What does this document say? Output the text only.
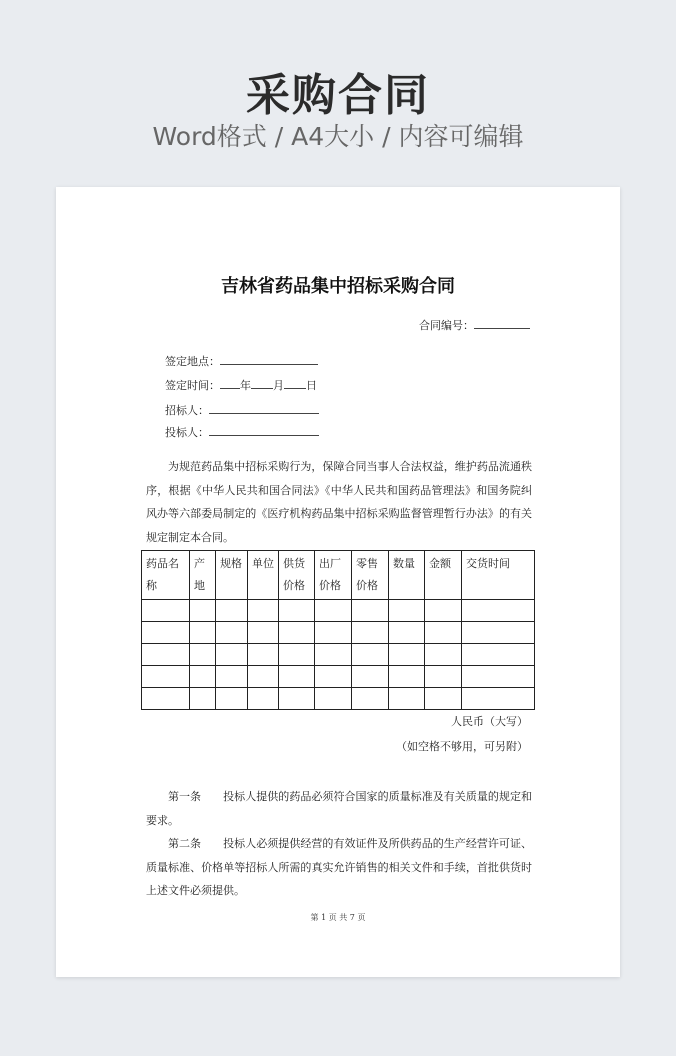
采购合同
Word格式 / A4大小 / 内容可编辑
吉林省药品集中招标采购合同
合同编号：
签定地点：
签定时间： 年 月 日
招标人：
投标人：
为规范药品集中招标采购行为，保障合同当事人合法权益，维护药品流通秩序，根据《中华人民共和国合同法》《中华人民共和国药品管理法》和国务院纠风办等六部委局制定的《医疗机构药品集中招标采购监督管理暂行办法》的有关规定制定本合同。
药品名称	产地	规格	单位	供货价格	出厂价格	零售价格	数量	金额	交货时间

人民币（大写）
（如空格不够用，可另附）
第一条　　投标人提供的药品必须符合国家的质量标准及有关质量的规定和要求。
第二条　　投标人必须提供经营的有效证件及所供药品的生产经营许可证、质量标准、价格单等招标人所需的真实允许销售的相关文件和手续，首批供货时上述文件必须提供。
第 1 页 共 7 页
